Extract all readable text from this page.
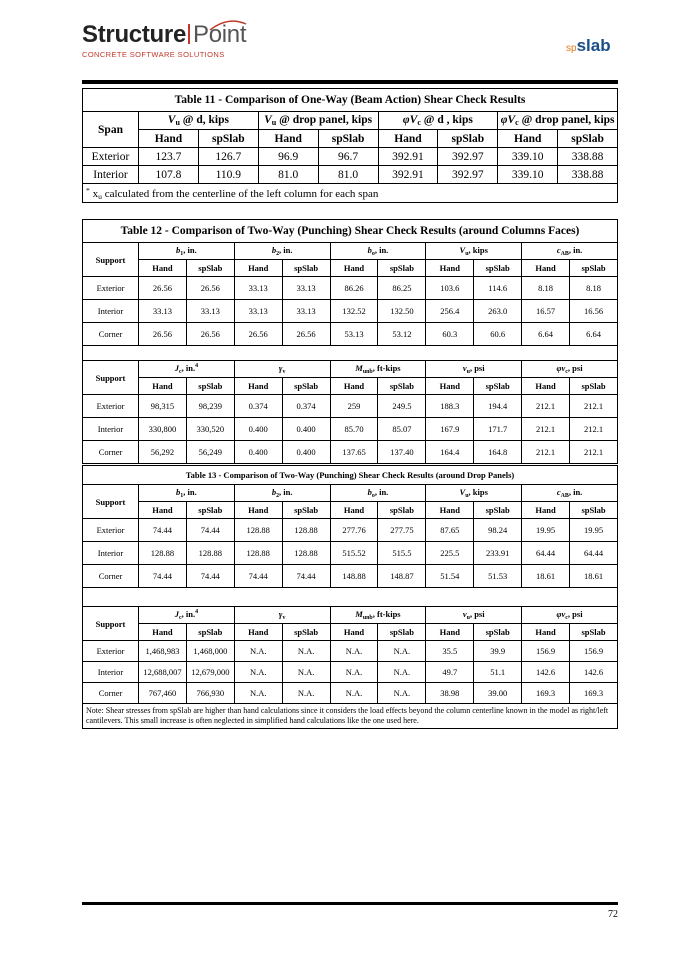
Structure Point
CONCRETE SOFTWARE SOLUTIONS
spslab
Table 11 - Comparison of One-Way (Beam Action) Shear Check Results								
Span	$V_u$ @ d, kips		$V_u$ @ drop panel, kips		$\varphi V_c$ @ d , kips		$\varphi V_c$ @ drop panel, kips	
	Hand	spSlab	Hand	spSlab	Hand	spSlab	Hand	spSlab
Exterior	123.7	126.7	96.9	96.7	392.91	392.97	339.10	338.88
Interior	107.8	110.9	81.0	81.0	392.91	392.97	339.10	338.88
* $x_u$ calculated from the centerline of the left column for each span								
Table 12 - Comparison of Two-Way (Punching) Shear Check Results (around Columns Faces)										
Support	$b_1$, in.		$b_2$, in.		$b_o$, in.		$V_u$, kips		$c_{AB}$, in.	
	Hand	spSlab	Hand	spSlab	Hand	spSlab	Hand	spSlab	Hand	spSlab
Exterior	26.56	26.56	33.13	33.13	86.26	86.25	103.6	114.6	8.18	8.18
Interior	33.13	33.13	33.13	33.13	132.52	132.50	256.4	263.0	16.57	16.56
Corner	26.56	26.56	26.56	26.56	53.13	53.12	60.3	60.6	6.64	6.64

Support	$J_c$, in.$^4$		$\gamma_v$		$M_{unb}$, ft-kips		$v_u$, psi		$\varphi v_c$, psi	
	Hand	spSlab	Hand	spSlab	Hand	spSlab	Hand	spSlab	Hand	spSlab
Exterior	98,315	98,239	0.374	0.374	259	249.5	188.3	194.4	212.1	212.1
Interior	330,800	330,520	0.400	0.400	85.70	85.07	167.9	171.7	212.1	212.1
Corner	56,292	56,249	0.400	0.400	137.65	137.40	164.4	164.8	212.1	212.1
Table 13 - Comparison of Two-Way (Punching) Shear Check Results (around Drop Panels)										
Support	$b_1$, in.		$b_2$, in.		$b_o$, in.		$V_u$, kips		$c_{AB}$, in.	
	Hand	spSlab	Hand	spSlab	Hand	spSlab	Hand	spSlab	Hand	spSlab
Exterior	74.44	74.44	128.88	128.88	277.76	277.75	87.65	98.24	19.95	19.95
Interior	128.88	128.88	128.88	128.88	515.52	515.5	225.5	233.91	64.44	64.44
Corner	74.44	74.44	74.44	74.44	148.88	148.87	51.54	51.53	18.61	18.61

Support	$J_c$, in.$^4$		$\gamma_v$		$M_{unb}$, ft-kips		$v_u$, psi		$\varphi v_c$, psi	
	Hand	spSlab	Hand	spSlab	Hand	spSlab	Hand	spSlab	Hand	spSlab
Exterior	1,468,983	1,468,000	N.A.	N.A.	N.A.	N.A.	35.5	39.9	156.9	156.9
Interior	12,688,007	12,679,000	N.A.	N.A.	N.A.	N.A.	49.7	51.1	142.6	142.6
Corner	767,460	766,930	N.A.	N.A.	N.A.	N.A.	38.98	39.00	169.3	169.3
Note: Shear stresses from spSlab are higher than hand calculations since it considers the load effects beyond the column centerline known in the model as right/left cantilevers. This small increase is often neglected in simplified hand calculations like the one used here.										
72
